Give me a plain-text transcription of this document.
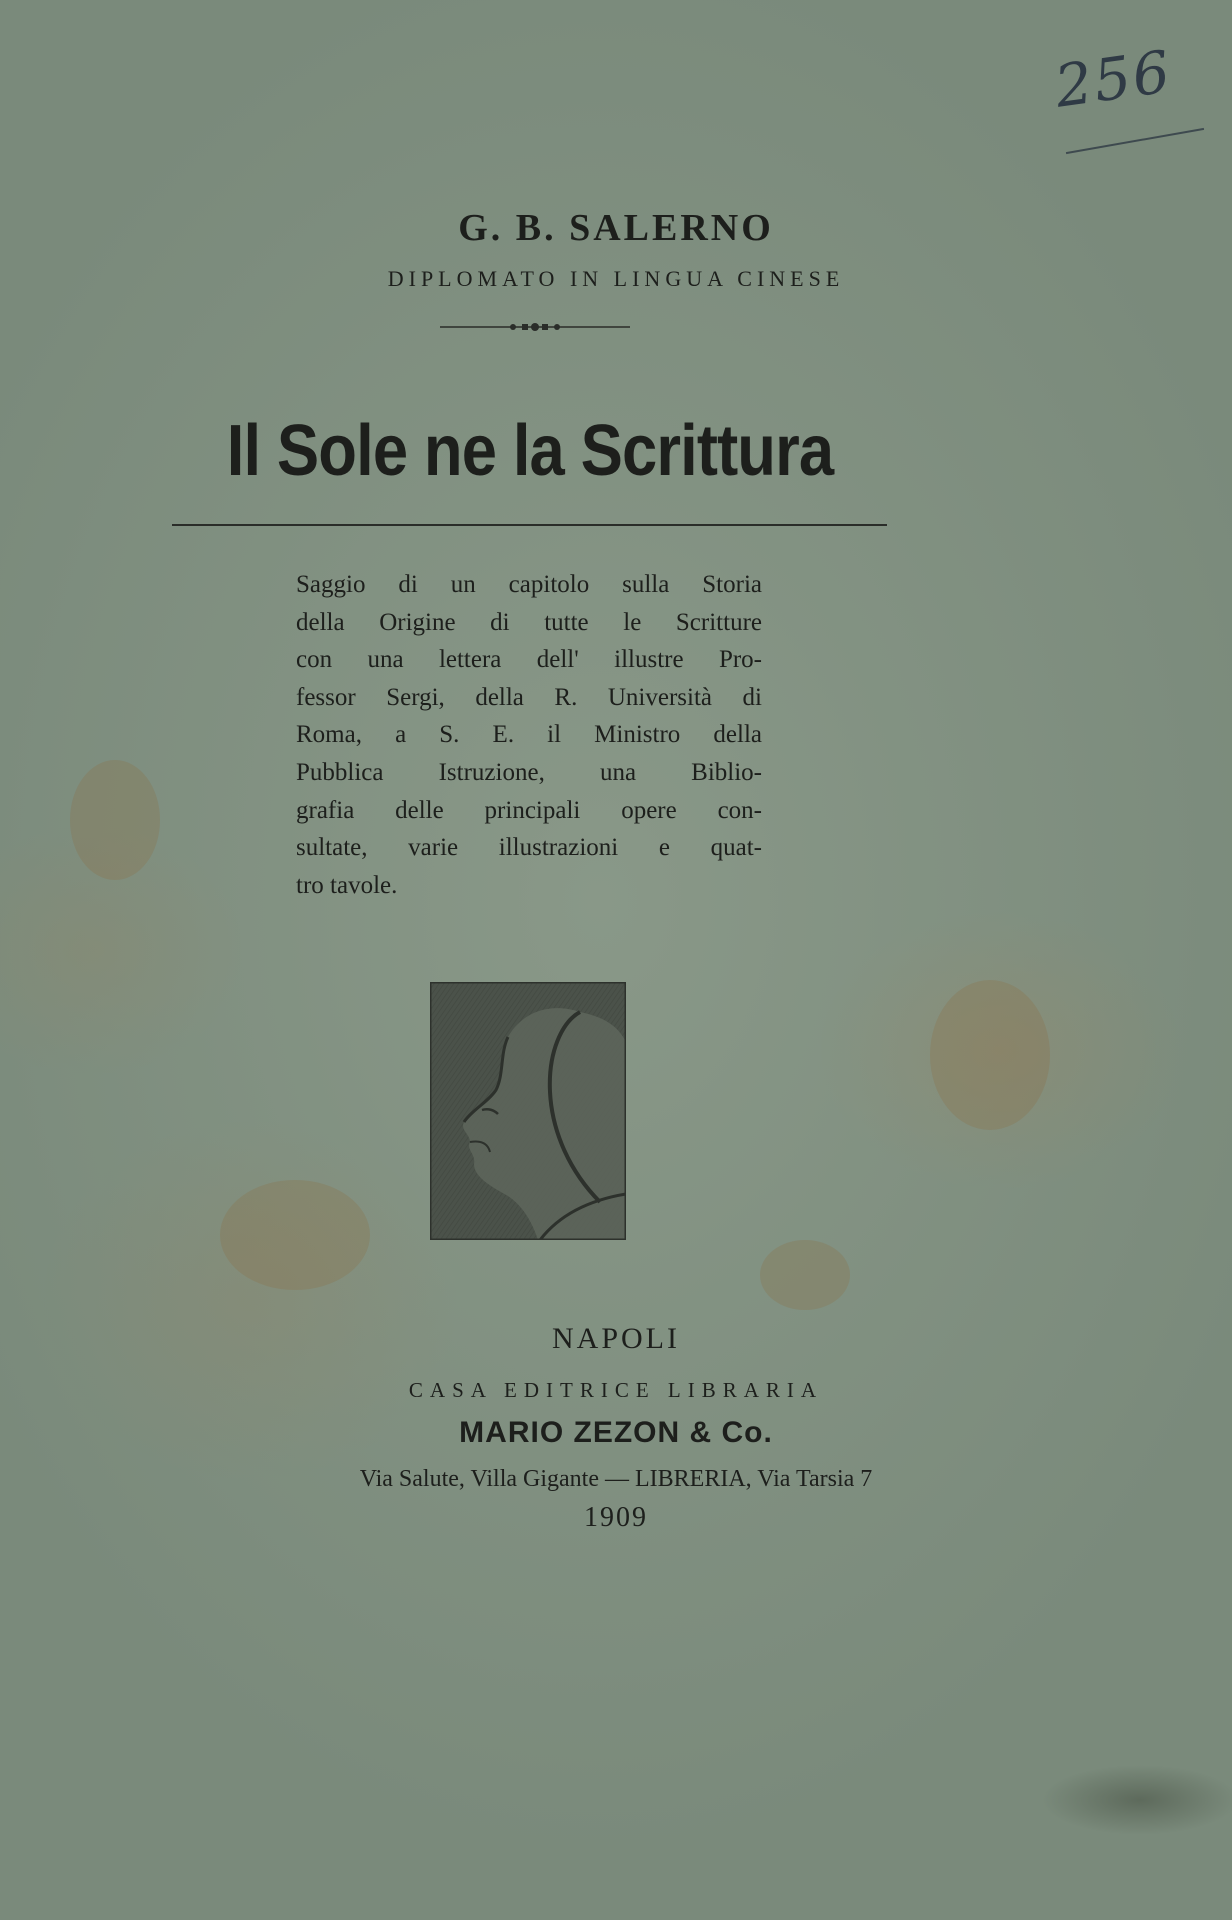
256
G. B. SALERNO
DIPLOMATO IN LINGUA CINESE
Il Sole ne la Scrittura
Saggio di un capitolo sulla Storia
della Origine di tutte le Scritture
con una lettera dell' illustre Pro-
fessor Sergi, della R. Università di
Roma, a S. E. il Ministro della
Pubblica Istruzione, una Biblio-
grafia delle principali opere con-
sultate, varie illustrazioni e quat-
tro tavole.
NAPOLI
CASA EDITRICE LIBRARIA
MARIO ZEZON & Co.
Via Salute, Villa Gigante — LIBRERIA, Via Tarsia 7
1909
